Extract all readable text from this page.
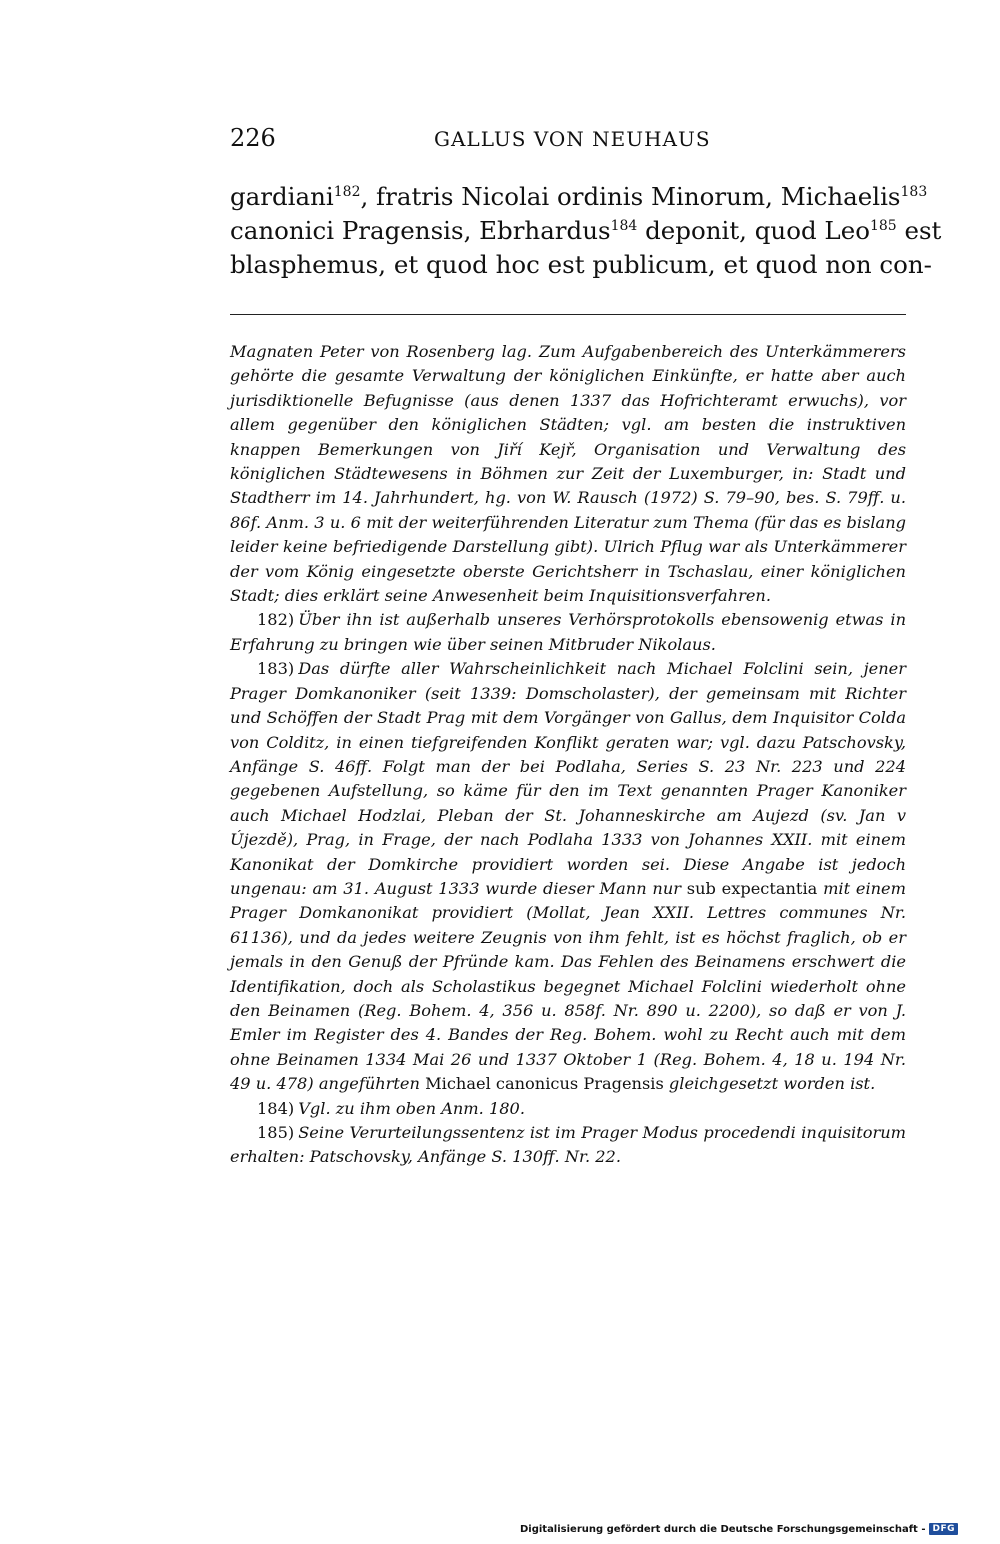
226	GALLUS VON NEUHAUS
gardiani$^{182}$, fratris Nicolai ordinis Minorum, Michaelis$^{183}$
canonici Pragensis, Ebrhardus$^{184}$ deponit, quod Leo$^{185}$ est
blasphemus, et quod hoc est publicum, et quod non con-

Magnaten Peter von Rosenberg lag. Zum Aufgabenbereich des Unterkämmerers gehörte die gesamte Verwaltung der königlichen Einkünfte, er hatte aber auch jurisdiktionelle Befugnisse (aus denen 1337 das Hofrichteramt erwuchs), vor allem gegenüber den königlichen Städten; vgl. am besten die instruktiven knappen Bemerkungen von Jiří Kejř, Organisation und Verwaltung des königlichen Städtewesens in Böhmen zur Zeit der Luxemburger, in: Stadt und Stadtherr im 14. Jahrhundert, hg. von W. Rausch (1972) S. 79–90, bes. S. 79ff. u. 86f. Anm. 3 u. 6 mit der weiterführenden Literatur zum Thema (für das es bislang leider keine befriedigende Darstellung gibt). Ulrich Pflug war als Unterkämmerer der vom König eingesetzte oberste Gerichtsherr in Tschaslau, einer königlichen Stadt; dies erklärt seine Anwesenheit beim Inquisitionsverfahren.

182) Über ihn ist außerhalb unseres Verhörsprotokolls ebensowenig etwas in Erfahrung zu bringen wie über seinen Mitbruder Nikolaus.

183) Das dürfte aller Wahrscheinlichkeit nach Michael Folclini sein, jener Prager Domkanoniker (seit 1339: Domscholaster), der gemeinsam mit Richter und Schöffen der Stadt Prag mit dem Vorgänger von Gallus, dem Inquisitor Colda von Colditz, in einen tiefgreifenden Konflikt geraten war; vgl. dazu Patschovsky, Anfänge S. 46ff. Folgt man der bei Podlaha, Series S. 23 Nr. 223 und 224 gegebenen Aufstellung, so käme für den im Text genannten Prager Kanoniker auch Michael Hodzlai, Pleban der St. Johanneskirche am Aujezd (sv. Jan v Újezdě), Prag, in Frage, der nach Podlaha 1333 von Johannes XXII. mit einem Kanonikat der Domkirche providiert worden sei. Diese Angabe ist jedoch ungenau: am 31. August 1333 wurde dieser Mann nur sub expectantia mit einem Prager Domkanonikat providiert (Mollat, Jean XXII. Lettres communes Nr. 61136), und da jedes weitere Zeugnis von ihm fehlt, ist es höchst fraglich, ob er jemals in den Genuß der Pfründe kam. Das Fehlen des Beinamens erschwert die Identifikation, doch als Scholastikus begegnet Michael Folclini wiederholt ohne den Beinamen (Reg. Bohem. 4, 356 u. 858f. Nr. 890 u. 2200), so daß er von J. Emler im Register des 4. Bandes der Reg. Bohem. wohl zu Recht auch mit dem ohne Beinamen 1334 Mai 26 und 1337 Oktober 1 (Reg. Bohem. 4, 18 u. 194 Nr. 49 u. 478) angeführten Michael canonicus Pragensis gleichgesetzt worden ist.

184) Vgl. zu ihm oben Anm. 180.

185) Seine Verurteilungssentenz ist im Prager Modus procedendi inquisitorum erhalten: Patschovsky, Anfänge S. 130ff. Nr. 22.

Digitalisierung gefördert durch die Deutsche Forschungsgemeinschaft - DFG
